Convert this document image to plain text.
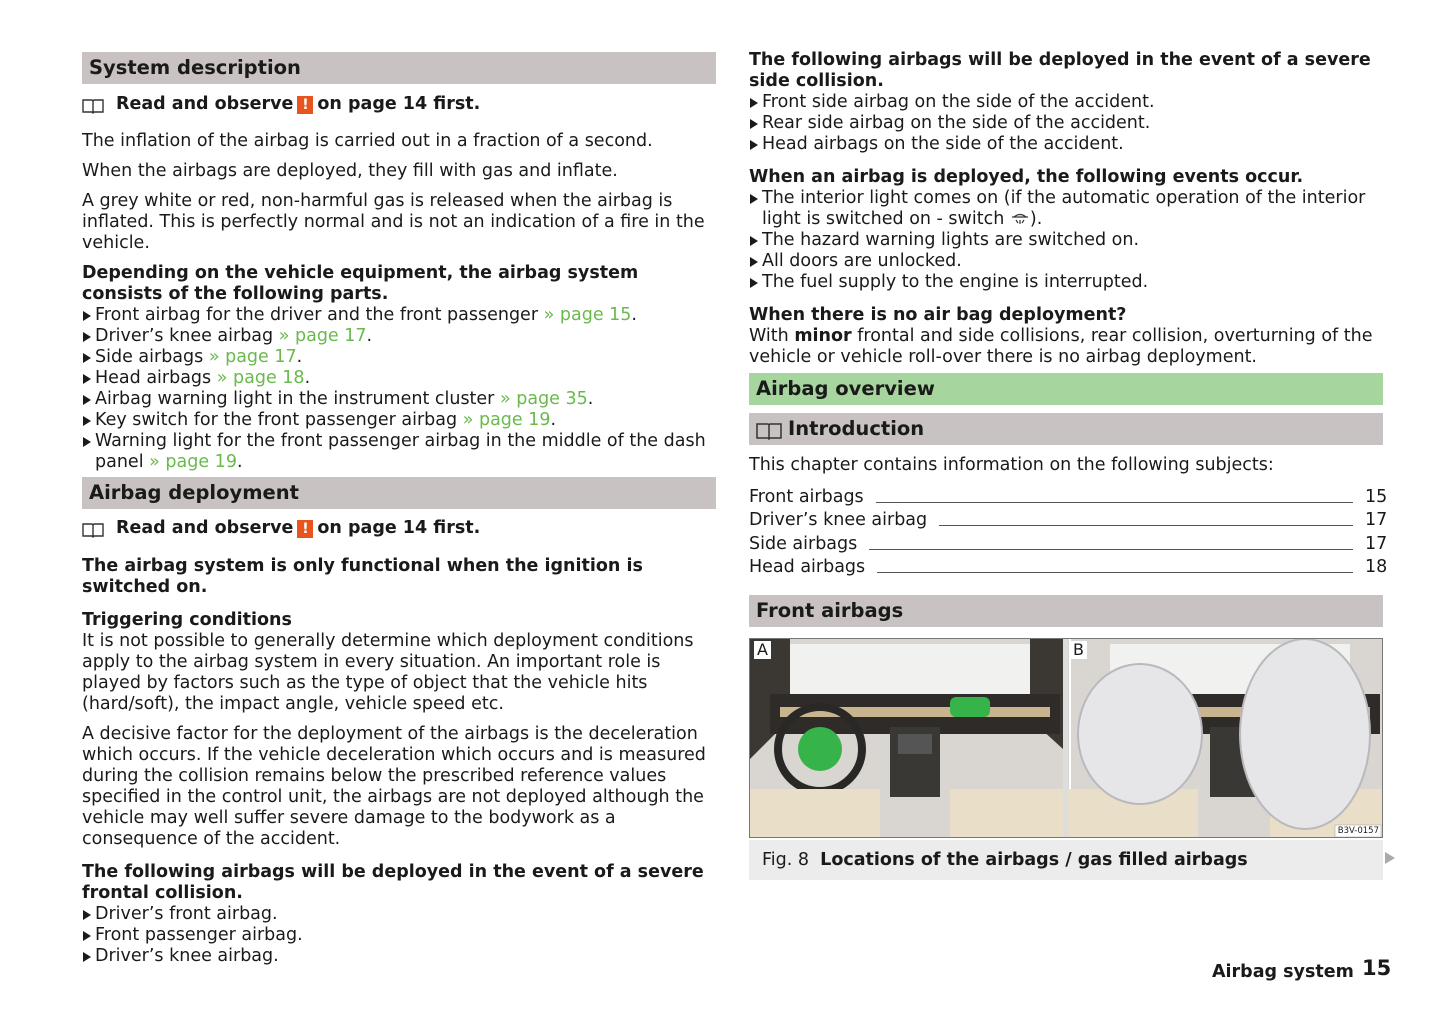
System description
Read and observe ! on page 14 first.

The inflation of the airbag is carried out in a fraction of a second.

When the airbags are deployed, they fill with gas and inflate.

A grey white or red, non-harmful gas is released when the airbag is inflated. This is perfectly normal and is not an indication of a fire in the vehicle.

Depending on the vehicle equipment, the airbag system consists of the following parts.

Front airbag for the driver and the front passenger » page 15.
Driver’s knee airbag » page 17.
Side airbags » page 17.
Head airbags » page 18.
Airbag warning light in the instrument cluster » page 35.
Key switch for the front passenger airbag » page 19.
Warning light for the front passenger airbag in the middle of the dash panel » page 19.
Airbag deployment
Read and observe ! on page 14 first.

The airbag system is only functional when the ignition is switched on.

Triggering conditions

It is not possible to generally determine which deployment conditions apply to the airbag system in every situation. An important role is played by factors such as the type of object that the vehicle hits (hard/soft), the impact angle, vehicle speed etc.

A decisive factor for the deployment of the airbags is the deceleration which occurs. If the vehicle deceleration which occurs and is measured during the collision remains below the prescribed reference values specified in the control unit, the airbags are not deployed although the vehicle may well suffer severe damage to the bodywork as a consequence of the accident.

The following airbags will be deployed in the event of a severe frontal collision.

Driver’s front airbag.
Front passenger airbag.
Driver’s knee airbag.

The following airbags will be deployed in the event of a severe side collision.

Front side airbag on the side of the accident.
Rear side airbag on the side of the accident.
Head airbags on the side of the accident.

When an airbag is deployed, the following events occur.

The interior light comes on (if the automatic operation of the interior light is switched on - switch ).
The hazard warning lights are switched on.
All doors are unlocked.
The fuel supply to the engine is interrupted.

When there is no air bag deployment?

With minor frontal and side collisions, rear collision, overturning of the vehicle or vehicle roll-over there is no airbag deployment.

Airbag overview
Introduction

This chapter contains information on the following subjects:

Front airbags	15
Driver’s knee airbag	17
Side airbags	17
Head airbags	18
Front airbags
A	B
B3V-0157
Fig. 8 Locations of the airbags / gas filled airbags
Airbag system 15
